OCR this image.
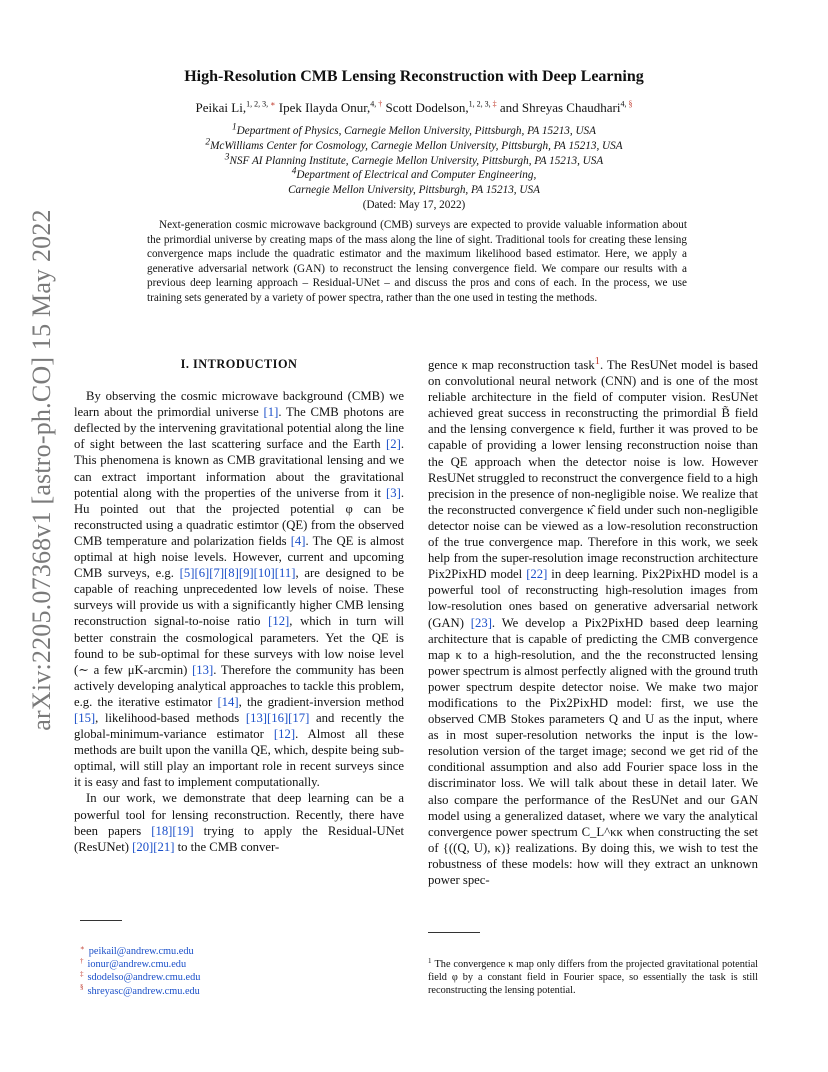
arXiv:2205.07368v1 [astro-ph.CO] 15 May 2022
High-Resolution CMB Lensing Reconstruction with Deep Learning
Peikai Li,$^{1, 2, 3,}$ ∗ Ipek Ilayda Onur,$^{4,}$ † Scott Dodelson,$^{1, 2, 3,}$ ‡ and Shreyas Chaudhari$^{4,}$ §
$^1$Department of Physics, Carnegie Mellon University, Pittsburgh, PA 15213, USA
$^2$McWilliams Center for Cosmology, Carnegie Mellon University, Pittsburgh, PA 15213, USA
$^3$NSF AI Planning Institute, Carnegie Mellon University, Pittsburgh, PA 15213, USA
$^4$Department of Electrical and Computer Engineering,
Carnegie Mellon University, Pittsburgh, PA 15213, USA
(Dated: May 17, 2022)
Next-generation cosmic microwave background (CMB) surveys are expected to provide valuable information about the primordial universe by creating maps of the mass along the line of sight. Traditional tools for creating these lensing convergence maps include the quadratic estimator and the maximum likelihood based estimator. Here, we apply a generative adversarial network (GAN) to reconstruct the lensing convergence field. We compare our results with a previous deep learning approach – Residual-UNet – and discuss the pros and cons of each. In the process, we use training sets generated by a variety of power spectra, rather than the one used in testing the methods.
I. INTRODUCTION

By observing the cosmic microwave background (CMB) we learn about the primordial universe [1]. The CMB photons are deflected by the intervening gravitational potential along the line of sight between the last scattering surface and the Earth [2]. This phenomena is known as CMB gravitational lensing and we can extract important information about the gravitational potential along with the properties of the universe from it [3]. Hu pointed out that the projected potential φ can be reconstructed using a quadratic estimtor (QE) from the observed CMB temperature and polarization fields [4]. The QE is almost optimal at high noise levels. However, current and upcoming CMB surveys, e.g. [5][6][7][8][9][10][11], are designed to be capable of reaching unprecedented low levels of noise. These surveys will provide us with a significantly higher CMB lensing reconstruction signal-to-noise ratio [12], which in turn will better constrain the cosmological parameters. Yet the QE is found to be sub-optimal for these surveys with low noise level (∼ a few μK-arcmin) [13]. Therefore the community has been actively developing analytical approaches to tackle this problem, e.g. the iterative estimator [14], the gradient-inversion method [15], likelihood-based methods [13][16][17] and recently the global-minimum-variance estimator [12]. Almost all these methods are built upon the vanilla QE, which, despite being sub-optimal, will still play an important role in recent surveys since it is easy and fast to implement computationally.

In our work, we demonstrate that deep learning can be a powerful tool for lensing reconstruction. Recently, there have been papers [18][19] trying to apply the Residual-UNet (ResUNet) [20][21] to the CMB conver-

gence κ map reconstruction task$^1$. The ResUNet model is based on convolutional neural network (CNN) and is one of the most reliable architecture in the field of computer vision. ResUNet achieved great success in reconstructing the primordial B̃ field and the lensing convergence κ field, further it was proved to be capable of providing a lower lensing reconstruction noise than the QE approach when the detector noise is low. However ResUNet struggled to reconstruct the convergence field to a high precision in the presence of non-negligible noise. We realize that the reconstructed convergence κ̂ field under such non-negligible detector noise can be viewed as a low-resolution reconstruction of the true convergence map. Therefore in this work, we seek help from the super-resolution image reconstruction architecture Pix2PixHD model [22] in deep learning. Pix2PixHD model is a powerful tool of reconstructing high-resolution images from low-resolution ones based on generative adversarial network (GAN) [23]. We develop a Pix2PixHD based deep learning architecture that is capable of predicting the CMB convergence map κ to a high-resolution, and the the reconstructed lensing power spectrum is almost perfectly aligned with the ground truth power spectrum despite detector noise. We make two major modifications to the Pix2PixHD model: first, we use the observed CMB Stokes parameters Q and U as the input, where as in most super-resolution networks the input is the low-resolution version of the target image; second we get rid of the conditional assumption and also add Fourier space loss in the discriminator loss. We will talk about these in detail later. We also compare the performance of the ResUNet and our GAN model using a generalized dataset, where we vary the analytical convergence power spectrum C_L^κκ when constructing the set of {((Q, U), κ)} realizations. By doing this, we wish to test the robustness of these models: how will they extract an unknown power spec-

∗ peikail@andrew.cmu.edu
† ionur@andrew.cmu.edu
‡ sdodelso@andrew.cmu.edu
§ shreyasc@andrew.cmu.edu
$^1$ The convergence κ map only differs from the projected gravitational potential field φ by a constant field in Fourier space, so essentially the task is still reconstructing the lensing potential.
